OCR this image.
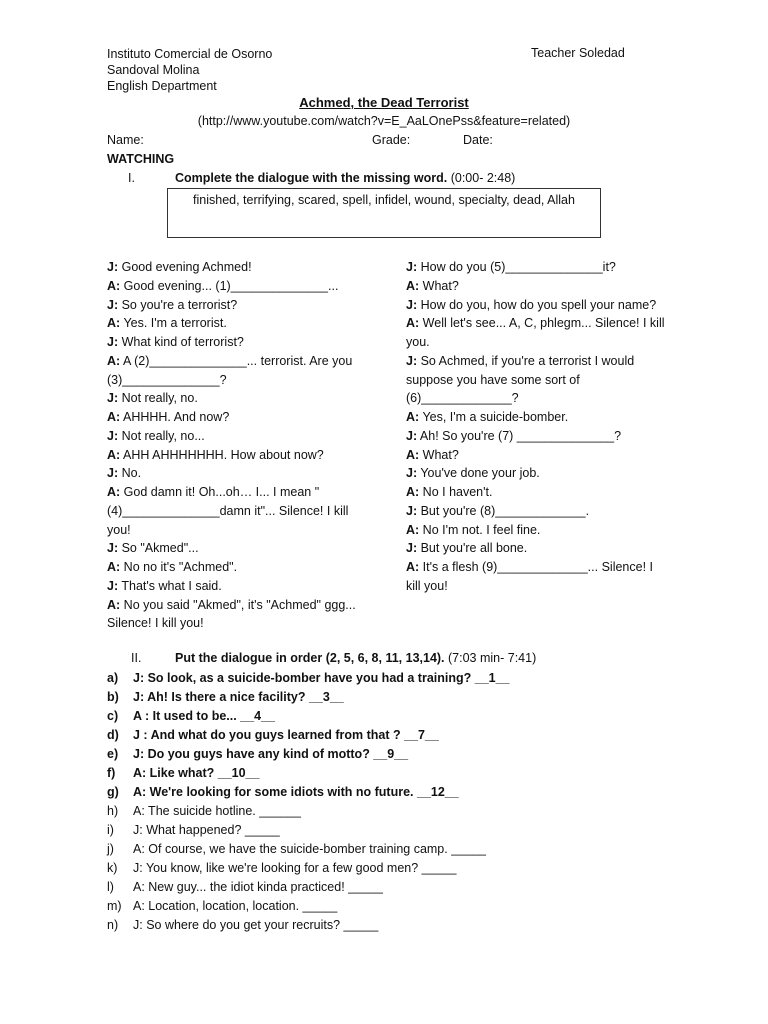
Instituto Comercial de Osorno
Sandoval Molina
English Department
Teacher Soledad
Achmed, the Dead Terrorist
(http://www.youtube.com/watch?v=E_AaLOnePss&feature=related)
Name:	Grade:	Date:
WATCHING
I.	Complete the dialogue with the missing word. (0:00- 2:48)
finished, terrifying, scared, spell, infidel, wound, specialty, dead, Allah

J: Good evening Achmed!

A: Good evening... (1)______________...

J: So you're a terrorist?

A: Yes. I'm a terrorist.

J: What kind of terrorist?

A: A (2)______________... terrorist. Are you (3)______________?

J: Not really, no.

A: AHHHH. And now?

J: Not really, no...

A: AHH AHHHHHHH. How about now?

J: No.

A: God damn it! Oh...oh… I... I mean "(4)______________damn it"... Silence! I kill you!

J: So "Akmed"...

A: No no it's "Achmed".

J: That's what I said.

A: No you said "Akmed", it's "Achmed" ggg... Silence! I kill you!

J: How do you (5)______________it?

A: What?

J: How do you, how do you spell your name?

A: Well let's see... A, C, phlegm... Silence! I kill you.

J: So Achmed, if you're a terrorist I would suppose you have some sort of (6)_____________?

A: Yes, I'm a suicide-bomber.

J: Ah! So you're (7) ______________?

A: What?

J: You've done your job.

A: No I haven't.

J: But you're (8)_____________.

A: No I'm not. I feel fine.

J: But you're all bone.

A: It's a flesh (9)_____________... Silence! I kill you!

II.	Put the dialogue in order (2, 5, 6, 8, 11, 13,14). (7:03 min- 7:41)
a) J: So look, as a suicide-bomber have you had a training? __1__
b) J: Ah! Is there a nice facility? __3__
c) A : It used to be... __4__
d) J : And what do you guys learned from that ? __7__
e) J: Do you guys have any kind of motto? __9__
f) A: Like what? __10__
g) A: We're looking for some idiots with no future. __12__
h) A: The suicide hotline. ______
i) J: What happened? _____
j) A: Of course, we have the suicide-bomber training camp. _____
k) J: You know, like we're looking for a few good men? _____
l) A: New guy... the idiot kinda practiced! _____
m) A: Location, location, location. _____
n) J: So where do you get your recruits? _____
